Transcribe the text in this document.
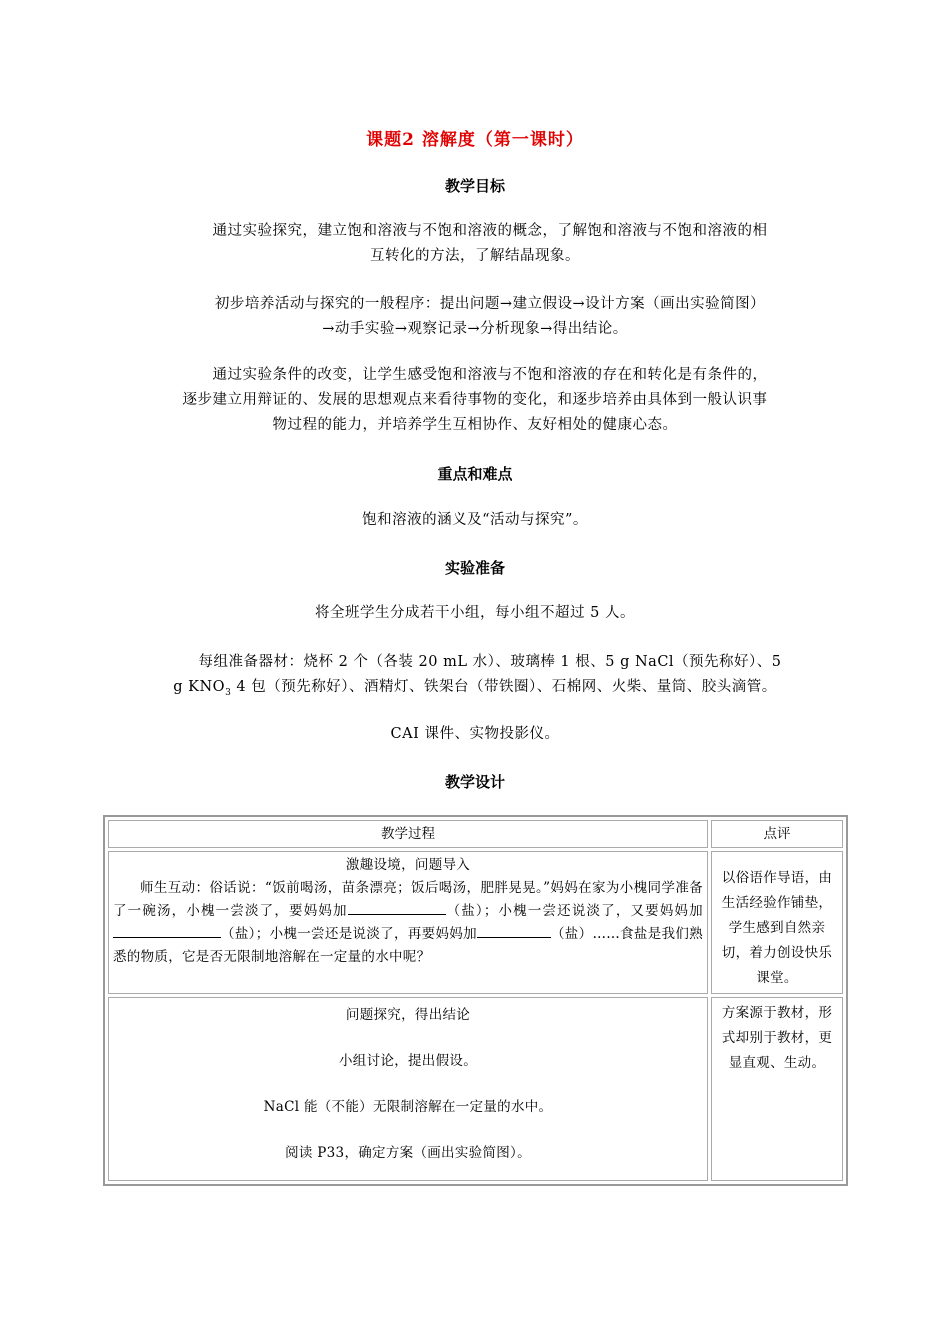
课题2 溶解度（第一课时）
教学目标
通过实验探究，建立饱和溶液与不饱和溶液的概念，了解饱和溶液与不饱和溶液的相
互转化的方法，了解结晶现象。
初步培养活动与探究的一般程序：提出问题→建立假设→设计方案（画出实验简图）
→动手实验→观察记录→分析现象→得出结论。
通过实验条件的改变，让学生感受饱和溶液与不饱和溶液的存在和转化是有条件的，
逐步建立用辩证的、发展的思想观点来看待事物的变化，和逐步培养由具体到一般认识事
物过程的能力，并培养学生互相协作、友好相处的健康心态。
重点和难点
饱和溶液的涵义及“活动与探究”。
实验准备
将全班学生分成若干小组，每小组不超过 5 人。
每组准备器材：烧杯 2 个（各装 20 mL 水）、玻璃棒 1 根、5 g NaCl（预先称好）、5
g $KNO_3$ 4 包（预先称好）、酒精灯、铁架台（带铁圈）、石棉网、火柴、量筒、胶头滴管。
CAI 课件、实物投影仪。
教学设计
教学过程	点评

激趣设境，问题导入
师生互动：俗话说：“饭前喝汤，苗条漂亮；饭后喝汤，肥胖晃晃。”妈妈在家为小槐同学准备了一碗汤，小槐一尝淡了，要妈妈加 （盐）；小槐一尝还说淡了，又要妈妈加（盐）；小槐一尝还是说淡了，再要妈妈加 （盐）……食盐是我们熟悉的物质，它是否无限制地溶解在一定量的水中呢？	以俗语作导语，由生活经验作铺垫，学生感到自然亲切，着力创设快乐课堂。

问题探究，得出结论
小组讨论，提出假设。
NaCl 能（不能）无限制溶解在一定量的水中。
阅读 P33，确定方案（画出实验简图）。	方案源于教材，形式却别于教材，更显直观、生动。
